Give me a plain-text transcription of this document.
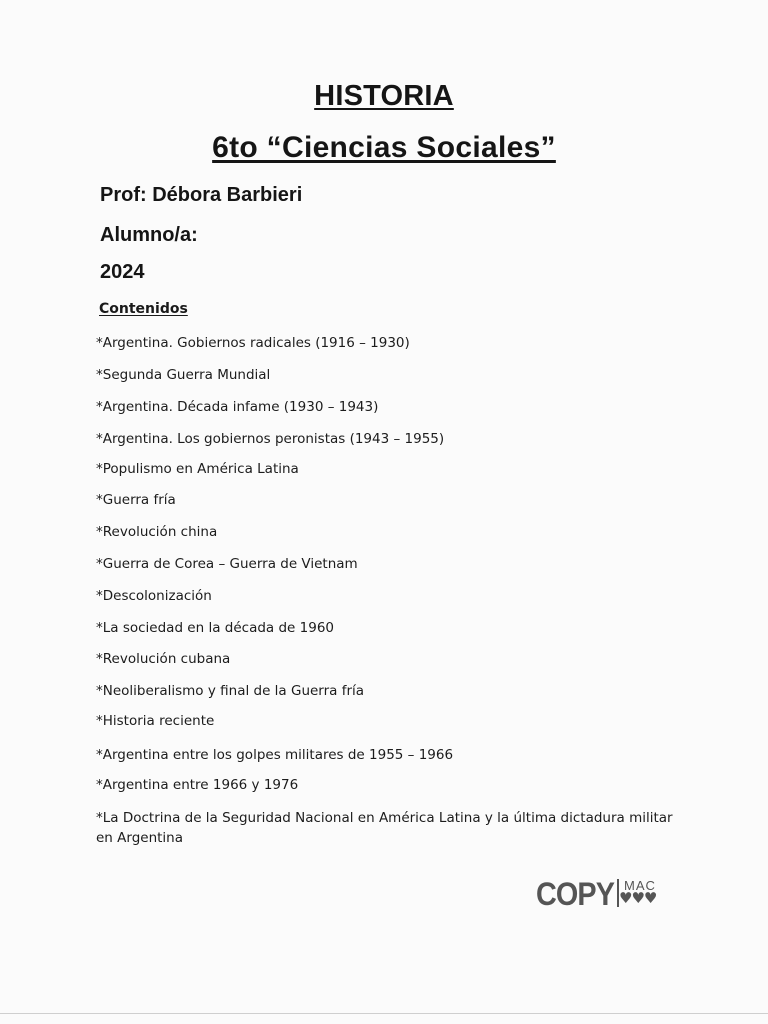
HISTORIA
6to “Ciencias Sociales”
Prof: Débora Barbieri
Alumno/a:
2024
Contenidos
*Argentina. Gobiernos radicales (1916 – 1930)
*Segunda Guerra Mundial
*Argentina. Década infame (1930 – 1943)
*Argentina. Los gobiernos peronistas (1943 – 1955)
*Populismo en América Latina
*Guerra fría
*Revolución china
*Guerra de Corea – Guerra de Vietnam
*Descolonización
*La sociedad en la década de 1960
*Revolución cubana
*Neoliberalismo y final de la Guerra fría
*Historia reciente
*Argentina entre los golpes militares de 1955 – 1966
*Argentina entre 1966 y 1976
*La Doctrina de la Seguridad Nacional en América Latina y la última dictadura militar en Argentina
COPY MAC
♥♥♥
